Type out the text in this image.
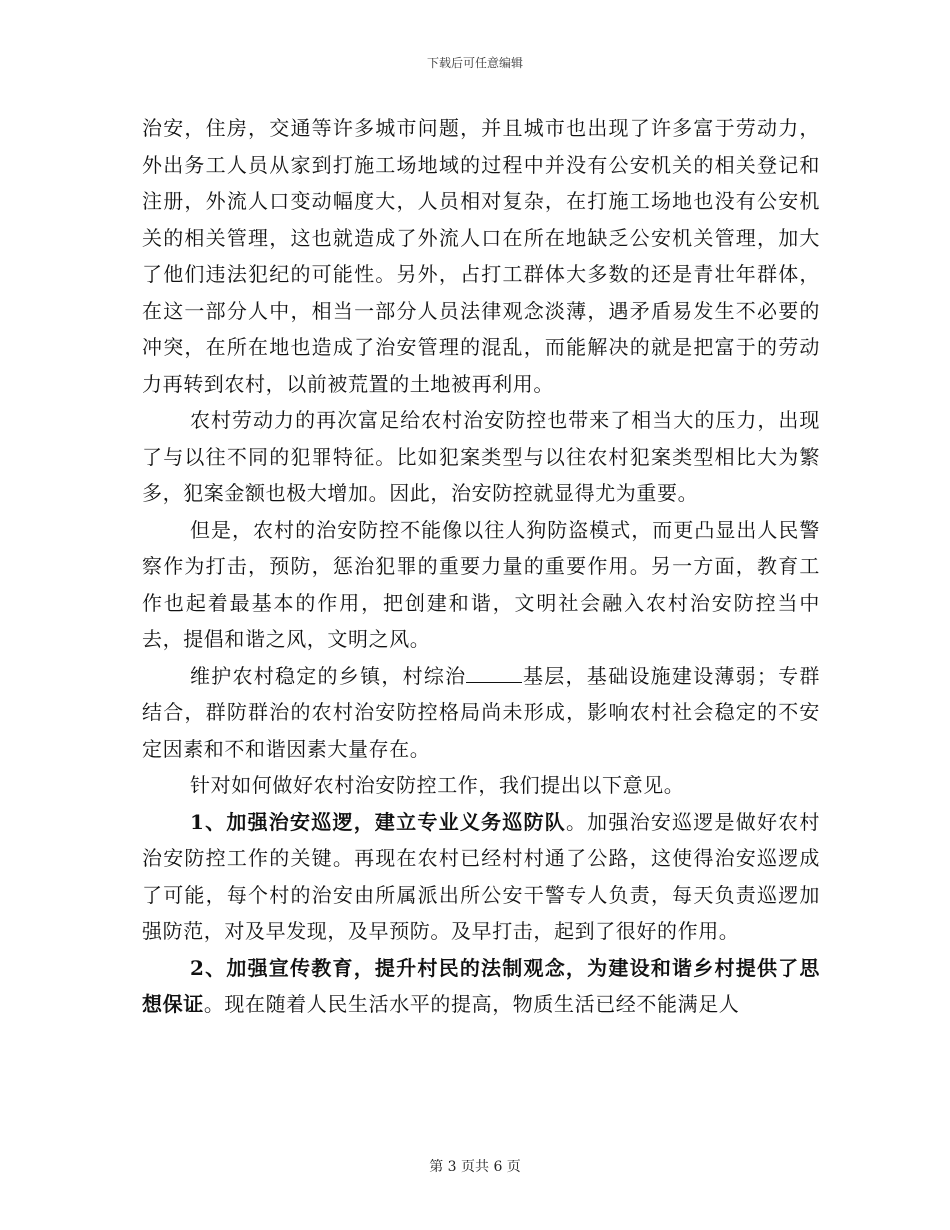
下载后可任意编辑

治安，住房，交通等许多城市问题，并且城市也出现了许多富于劳动力，外出务工人员从家到打施工场地域的过程中并没有公安机关的相关登记和注册，外流人口变动幅度大，人员相对复杂，在打施工场地也没有公安机关的相关管理，这也就造成了外流人口在所在地缺乏公安机关管理，加大了他们违法犯纪的可能性。另外，占打工群体大多数的还是青壮年群体，在这一部分人中，相当一部分人员法律观念淡薄，遇矛盾易发生不必要的冲突，在所在地也造成了治安管理的混乱，而能解决的就是把富于的劳动力再转到农村，以前被荒置的土地被再利用。

农村劳动力的再次富足给农村治安防控也带来了相当大的压力，出现了与以往不同的犯罪特征。比如犯案类型与以往农村犯案类型相比大为繁多，犯案金额也极大增加。因此，治安防控就显得尤为重要。

但是，农村的治安防控不能像以往人狗防盗模式，而更凸显出人民警察作为打击，预防，惩治犯罪的重要力量的重要作用。另一方面，教育工作也起着最基本的作用，把创建和谐，文明社会融入农村治安防控当中去，提倡和谐之风，文明之风。

维护农村稳定的乡镇，村综治	基层，基础设施建设薄弱；专群结合，群防群治的农村治安防控格局尚未形成，影响农村社会稳定的不安定因素和不和谐因素大量存在。

针对如何做好农村治安防控工作，我们提出以下意见。

1、加强治安巡逻，建立专业义务巡防队。加强治安巡逻是做好农村治安防控工作的关键。再现在农村已经村村通了公路，这使得治安巡逻成了可能，每个村的治安由所属派出所公安干警专人负责，每天负责巡逻加强防范，对及早发现，及早预防。及早打击，起到了很好的作用。

2、加强宣传教育，提升村民的法制观念，为建设和谐乡村提供了思想保证。现在随着人民生活水平的提高，物质生活已经不能满足人

第 3 页共 6 页
